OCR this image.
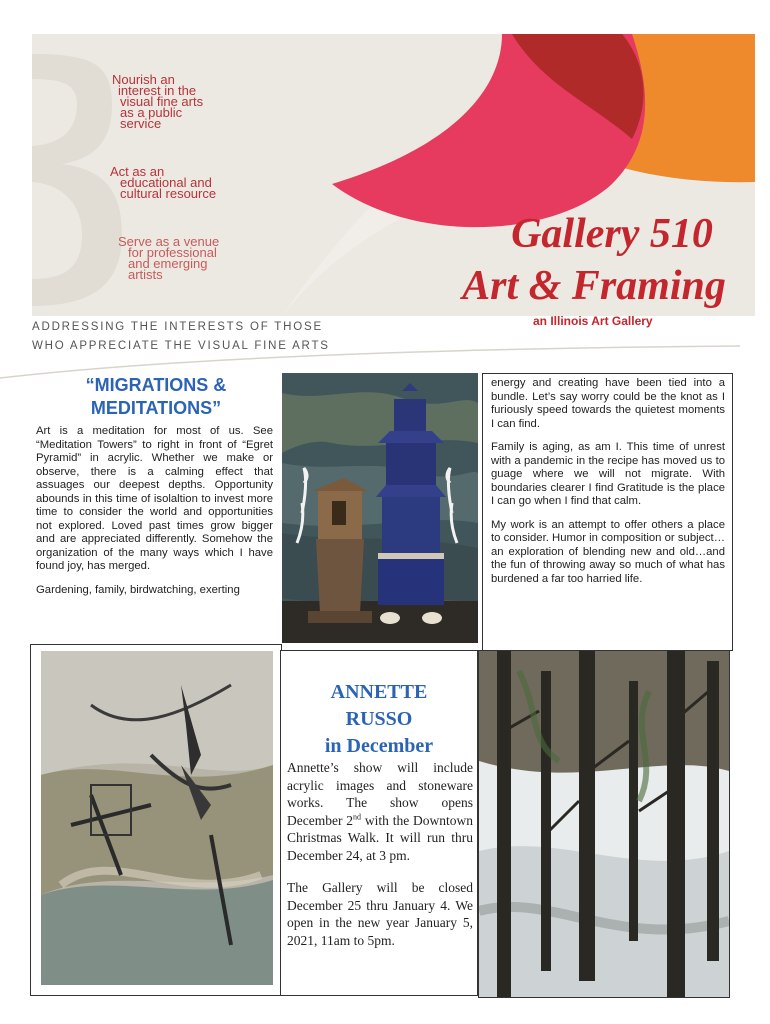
Nourish an
interest in the
visual fine arts
as a public
service

Act as an
educational and
cultural resource

Serve as a venue
for professional
and emerging
artists

Gallery 510
Art & Framing
ADDRESSING THE INTERESTS OF THOSE
WHO APPRECIATE THE VISUAL FINE ARTS
an Illinois Art Gallery
“MIGRATIONS &
MEDITATIONS”

Art is a meditation for most of us. See “Meditation Towers” to right in front of “Egret Pyramid” in acrylic. Whether we make or observe, there is a calming effect that assuages our deepest depths. Opportunity abounds in this time of isolaltion to invest more time to consider the world and opportunities not explored. Loved past times grow bigger and are appreciated differently. Somehow the organization of the many ways which I have found joy, has merged.

Gardening, family, birdwatching, exerting

energy and creating have been tied into a bundle. Let’s say worry could be the knot as I furiously speed towards the quietest moments I can find.

Family is aging, as am I. This time of unrest with a pandemic in the recipe has moved us to guage where we will not migrate. With boundaries clearer I find Gratitude is the place I can go when I find that calm.

My work is an attempt to offer others a place to consider. Humor in composition or subject…an exploration of blending new and old…and the fun of throwing away so much of what has burdened a far too harried life.

ANNETTE
RUSSO
in December

Annette’s show will include acrylic images and stoneware works. The show opens December 2nd with the Downtown Christmas Walk. It will run thru December 24, at 3 pm.

The Gallery will be closed December 25 thru January 4. We open in the new year January 5, 2021, 11am to 5pm.
